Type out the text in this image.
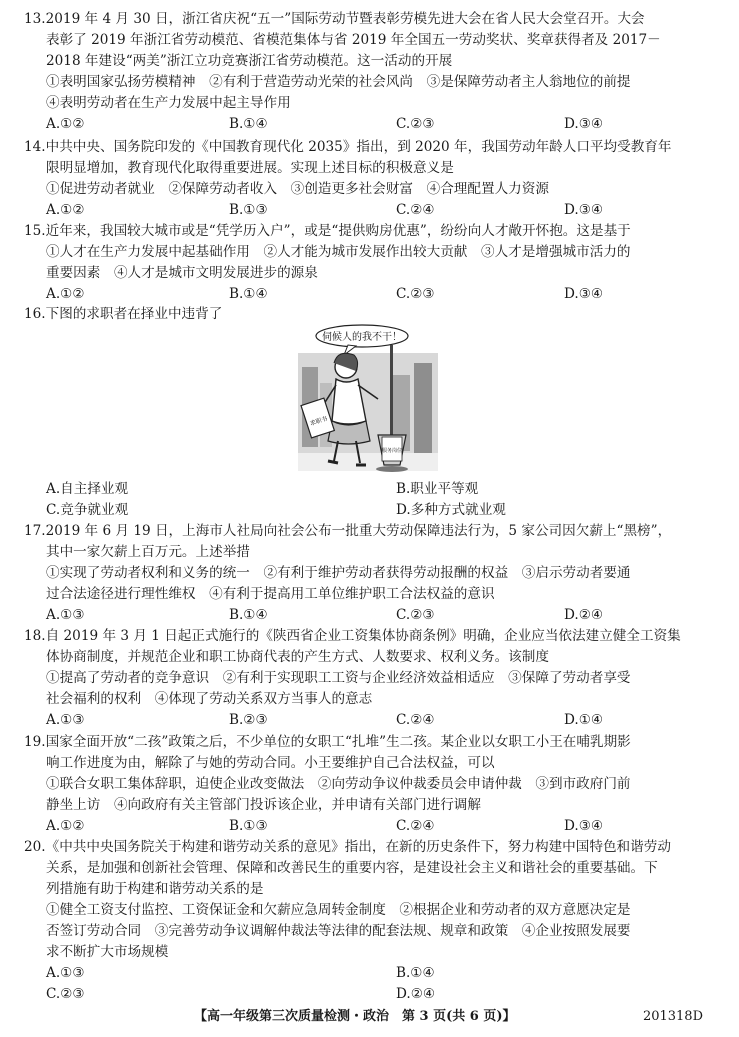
13.2019 年 4 月 30 日，浙江省庆祝“五一”国际劳动节暨表彰劳模先进大会在省人民大会堂召开。大会
表彰了 2019 年浙江省劳动模范、省模范集体与省 2019 年全国五一劳动奖状、奖章获得者及 2017－
2018 年建设“两美”浙江立功竞赛浙江省劳动模范。这一活动的开展
①表明国家弘扬劳模精神　②有利于营造劳动光荣的社会风尚　③是保障劳动者主人翁地位的前提
④表明劳动者在生产力发展中起主导作用
A.①②	B.①④	C.②③	D.③④
14.中共中央、国务院印发的《中国教育现代化 2035》指出，到 2020 年，我国劳动年龄人口平均受教育年
限明显增加，教育现代化取得重要进展。实现上述目标的积极意义是
①促进劳动者就业　②保障劳动者收入　③创造更多社会财富　④合理配置人力资源
A.①②	B.①③	C.②④	D.③④
15.近年来，我国较大城市或是“凭学历入户”，或是“提供购房优惠”，纷纷向人才敞开怀抱。这是基于
①人才在生产力发展中起基础作用　②人才能为城市发展作出较大贡献　③人才是增强城市活力的
重要因素　④人才是城市文明发展进步的源泉
A.①②	B.①④	C.②③	D.③④
16.下图的求职者在择业中违背了
伺候人的我不干！
求职书
服务岗位
A.自主择业观	B.职业平等观
C.竞争就业观	D.多种方式就业观
17.2019 年 6 月 19 日，上海市人社局向社会公布一批重大劳动保障违法行为，5 家公司因欠薪上“黑榜”，
其中一家欠薪上百万元。上述举措
①实现了劳动者权利和义务的统一　②有利于维护劳动者获得劳动报酬的权益　③启示劳动者要通
过合法途径进行理性维权　④有利于提高用工单位维护职工合法权益的意识
A.①③	B.①④	C.②③	D.②④
18.自 2019 年 3 月 1 日起正式施行的《陕西省企业工资集体协商条例》明确，企业应当依法建立健全工资集
体协商制度，并规范企业和职工协商代表的产生方式、人数要求、权利义务。该制度
①提高了劳动者的竞争意识　②有利于实现职工工资与企业经济效益相适应　③保障了劳动者享受
社会福利的权利　④体现了劳动关系双方当事人的意志
A.①③	B.②③	C.②④	D.①④
19.国家全面开放“二孩”政策之后，不少单位的女职工“扎堆”生二孩。某企业以女职工小王在哺乳期影
响工作进度为由，解除了与她的劳动合同。小王要维护自己合法权益，可以
①联合女职工集体辞职，迫使企业改变做法　②向劳动争议仲裁委员会申请仲裁　③到市政府门前
静坐上访　④向政府有关主管部门投诉该企业，并申请有关部门进行调解
A.①②	B.①③	C.②④	D.③④
20.《中共中央国务院关于构建和谐劳动关系的意见》指出，在新的历史条件下，努力构建中国特色和谐劳动
关系，是加强和创新社会管理、保障和改善民生的重要内容，是建设社会主义和谐社会的重要基础。下
列措施有助于构建和谐劳动关系的是
①健全工资支付监控、工资保证金和欠薪应急周转金制度　②根据企业和劳动者的双方意愿决定是
否签订劳动合同　③完善劳动争议调解仲裁法等法律的配套法规、规章和政策　④企业按照发展要
求不断扩大市场规模
A.①③	B.①④
C.②③	D.②④
【高一年级第三次质量检测・政治　第 3 页(共 6 页)】	201318D
